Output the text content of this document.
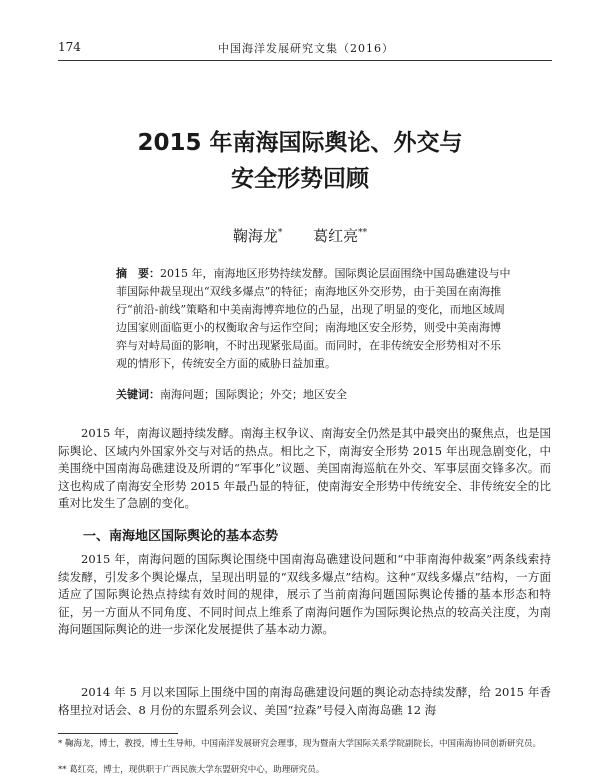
174	中国海洋发展研究文集（2016）
2015 年南海国际舆论、外交与
安全形势回顾
鞠海龙* 葛红亮**
摘　要：2015 年，南海地区形势持续发酵。国际舆论层面围绕中国岛礁建设与中菲国际仲裁呈现出“双线多爆点”的特征；南海地区外交形势，由于美国在南海推行“前沿-前线”策略和中美南海博弈地位的凸显，出现了明显的变化，而地区域周边国家则面临更小的权衡取舍与运作空间；南海地区安全形势，则受中美南海博弈与对峙局面的影响，不时出现紧张局面。而同时，在非传统安全形势相对不乐观的情形下，传统安全方面的威胁日益加重。
关键词：南海问题；国际舆论；外交；地区安全

2015 年，南海议题持续发酵。南海主权争议、南海安全仍然是其中最突出的聚焦点，也是国际舆论、区域内外国家外交与对话的热点。相比之下，南海安全形势 2015 年出现急剧变化，中美围绕中国南海岛礁建设及所谓的“军事化”议题、美国南海巡航在外交、军事层面交锋多次。而这也构成了南海安全形势 2015 年最凸显的特征，使南海安全形势中传统安全、非传统安全的比重对比发生了急剧的变化。

一、南海地区国际舆论的基本态势

2015 年，南海问题的国际舆论围绕中国南海岛礁建设问题和“中菲南海仲裁案”两条线索持续发酵，引发多个舆论爆点，呈现出明显的“双线多爆点”结构。这种“双线多爆点”结构，一方面适应了国际舆论热点持续有效时间的规律，展示了当前南海问题国际舆论传播的基本形态和特征，另一方面从不同角度、不同时间点上维系了南海问题作为国际舆论热点的较高关注度，为南海问题国际舆论的进一步深化发展提供了基本动力源。

2014 年 5 月以来国际上围绕中国的南海岛礁建设问题的舆论动态持续发酵，给 2015 年香格里拉对话会、8 月份的东盟系列会议、美国“拉森”号侵入南海岛礁 12 海

* 鞠海龙，博士，教授，博士生导师，中国南洋发展研究会理事，现为暨南大学国际关系学院副院长，中国南海协同创新研究员。
** 葛红亮，博士，现供职于广西民族大学东盟研究中心，助理研究员。
